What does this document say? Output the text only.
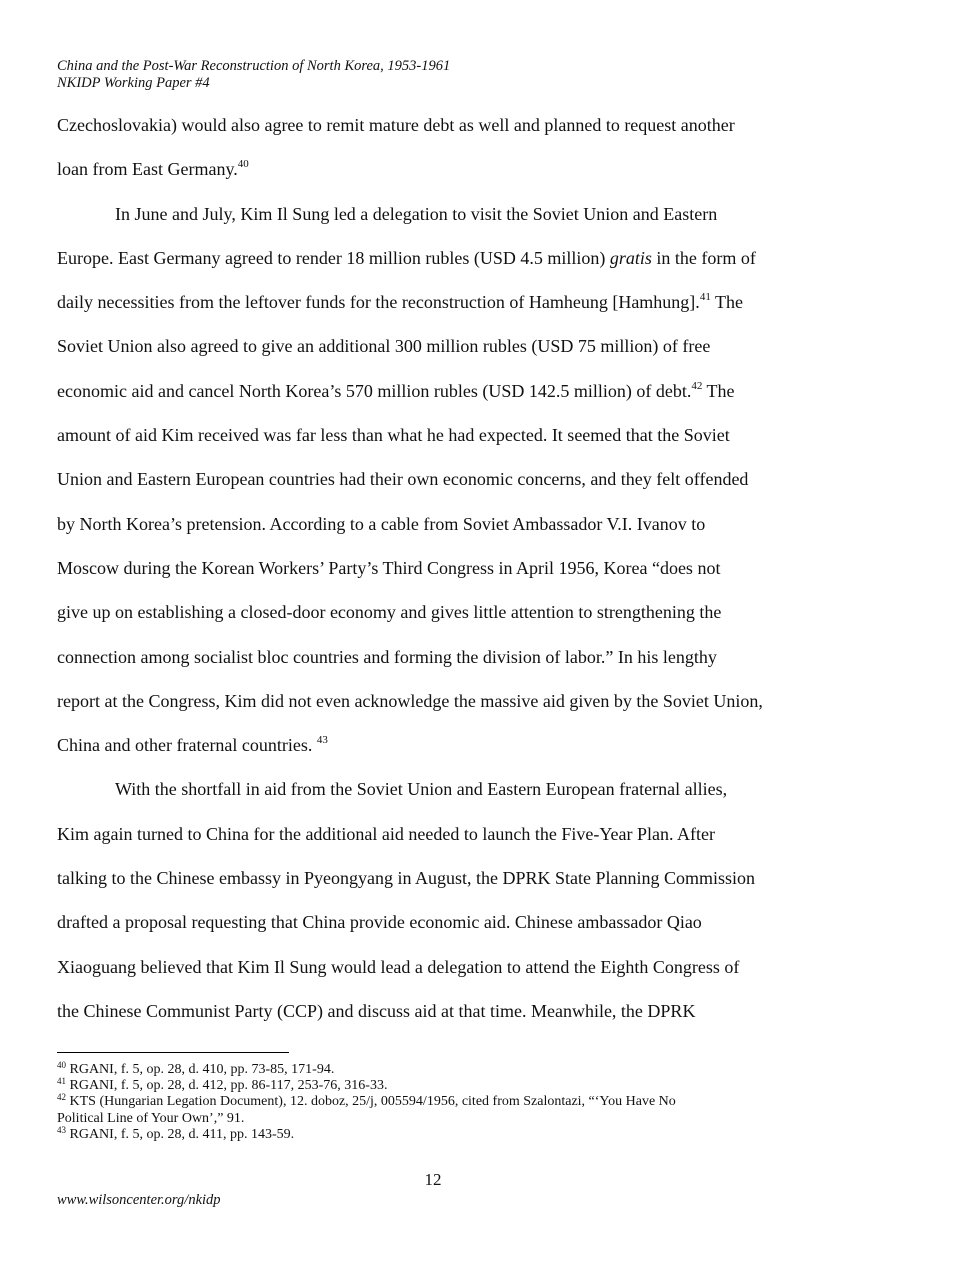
China and the Post-War Reconstruction of North Korea, 1953-1961
NKIDP Working Paper #4
Czechoslovakia) would also agree to remit mature debt as well and planned to request another
loan from East Germany.$^{40}$
In June and July, Kim Il Sung led a delegation to visit the Soviet Union and Eastern
Europe. East Germany agreed to render 18 million rubles (USD 4.5 million) gratis in the form of
daily necessities from the leftover funds for the reconstruction of Hamheung [Hamhung].$^{41}$ The
Soviet Union also agreed to give an additional 300 million rubles (USD 75 million) of free
economic aid and cancel North Korea’s 570 million rubles (USD 142.5 million) of debt.$^{42}$ The
amount of aid Kim received was far less than what he had expected. It seemed that the Soviet
Union and Eastern European countries had their own economic concerns, and they felt offended
by North Korea’s pretension. According to a cable from Soviet Ambassador V.I. Ivanov to
Moscow during the Korean Workers’ Party’s Third Congress in April 1956, Korea “does not
give up on establishing a closed-door economy and gives little attention to strengthening the
connection among socialist bloc countries and forming the division of labor.” In his lengthy
report at the Congress, Kim did not even acknowledge the massive aid given by the Soviet Union,
China and other fraternal countries. $^{43}$
With the shortfall in aid from the Soviet Union and Eastern European fraternal allies,
Kim again turned to China for the additional aid needed to launch the Five-Year Plan. After
talking to the Chinese embassy in Pyeongyang in August, the DPRK State Planning Commission
drafted a proposal requesting that China provide economic aid. Chinese ambassador Qiao
Xiaoguang believed that Kim Il Sung would lead a delegation to attend the Eighth Congress of
the Chinese Communist Party (CCP) and discuss aid at that time. Meanwhile, the DPRK
$^{40}$ RGANI, f. 5, op. 28, d. 410, pp. 73-85, 171-94.
$^{41}$ RGANI, f. 5, op. 28, d. 412, pp. 86-117, 253-76, 316-33.
$^{42}$ KTS (Hungarian Legation Document), 12. doboz, 25/j, 005594/1956, cited from Szalontazi, “‘You Have No
Political Line of Your Own’,” 91.
$^{43}$ RGANI, f. 5, op. 28, d. 411, pp. 143-59.
12
www.wilsoncenter.org/nkidp
